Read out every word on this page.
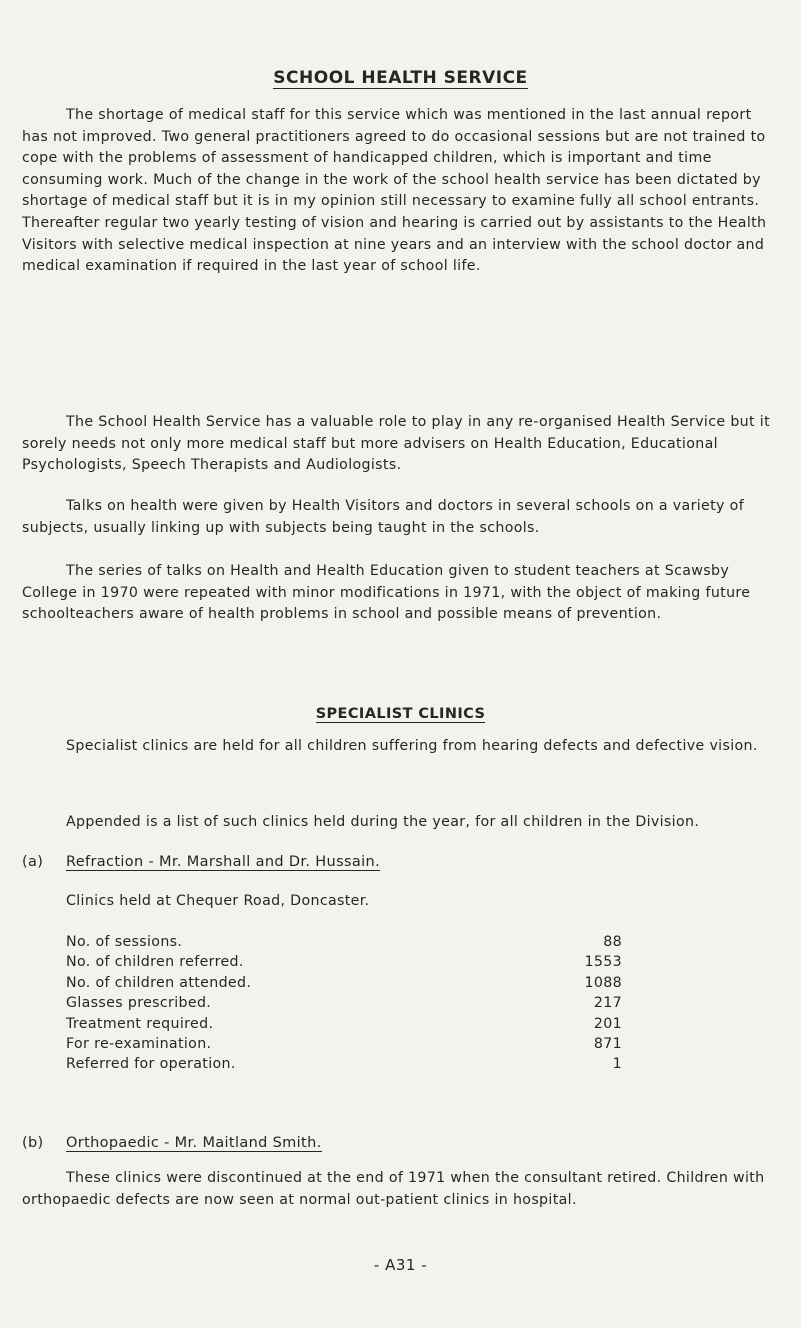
SCHOOL HEALTH SERVICE

The shortage of medical staff for this service which was mentioned in the last annual report has not improved. Two general practitioners agreed to do occasional sessions but are not trained to cope with the problems of assessment of handicapped children, which is important and time consuming work. Much of the change in the work of the school health service has been dictated by shortage of medical staff but it is in my opinion still necessary to examine fully all school entrants. Thereafter regular two yearly testing of vision and hearing is carried out by assistants to the Health Visitors with selective medical inspection at nine years and an interview with the school doctor and medical examination if required in the last year of school life.

The School Health Service has a valuable role to play in any re-organised Health Service but it sorely needs not only more medical staff but more advisers on Health Education, Educational Psychologists, Speech Therapists and Audiologists.

Talks on health were given by Health Visitors and doctors in several schools on a variety of subjects, usually linking up with subjects being taught in the schools.

The series of talks on Health and Health Education given to student teachers at Scawsby College in 1970 were repeated with minor modifications in 1971, with the object of making future schoolteachers aware of health problems in school and possible means of prevention.

SPECIALIST CLINICS

Specialist clinics are held for all children suffering from hearing defects and defective vision.

Appended is a list of such clinics held during the year, for all children in the Division.

(a) Refraction - Mr. Marshall and Dr. Hussain.

Clinics held at Chequer Road, Doncaster.

No. of sessions.	88
No. of children referred.	1553
No. of children attended.	1088
Glasses prescribed.	217
Treatment required.	201
For re-examination.	871
Referred for operation.	1

(b) Orthopaedic - Mr. Maitland Smith.

These clinics were discontinued at the end of 1971 when the consultant retired. Children with orthopaedic defects are now seen at normal out-patient clinics in hospital.

- A31 -
